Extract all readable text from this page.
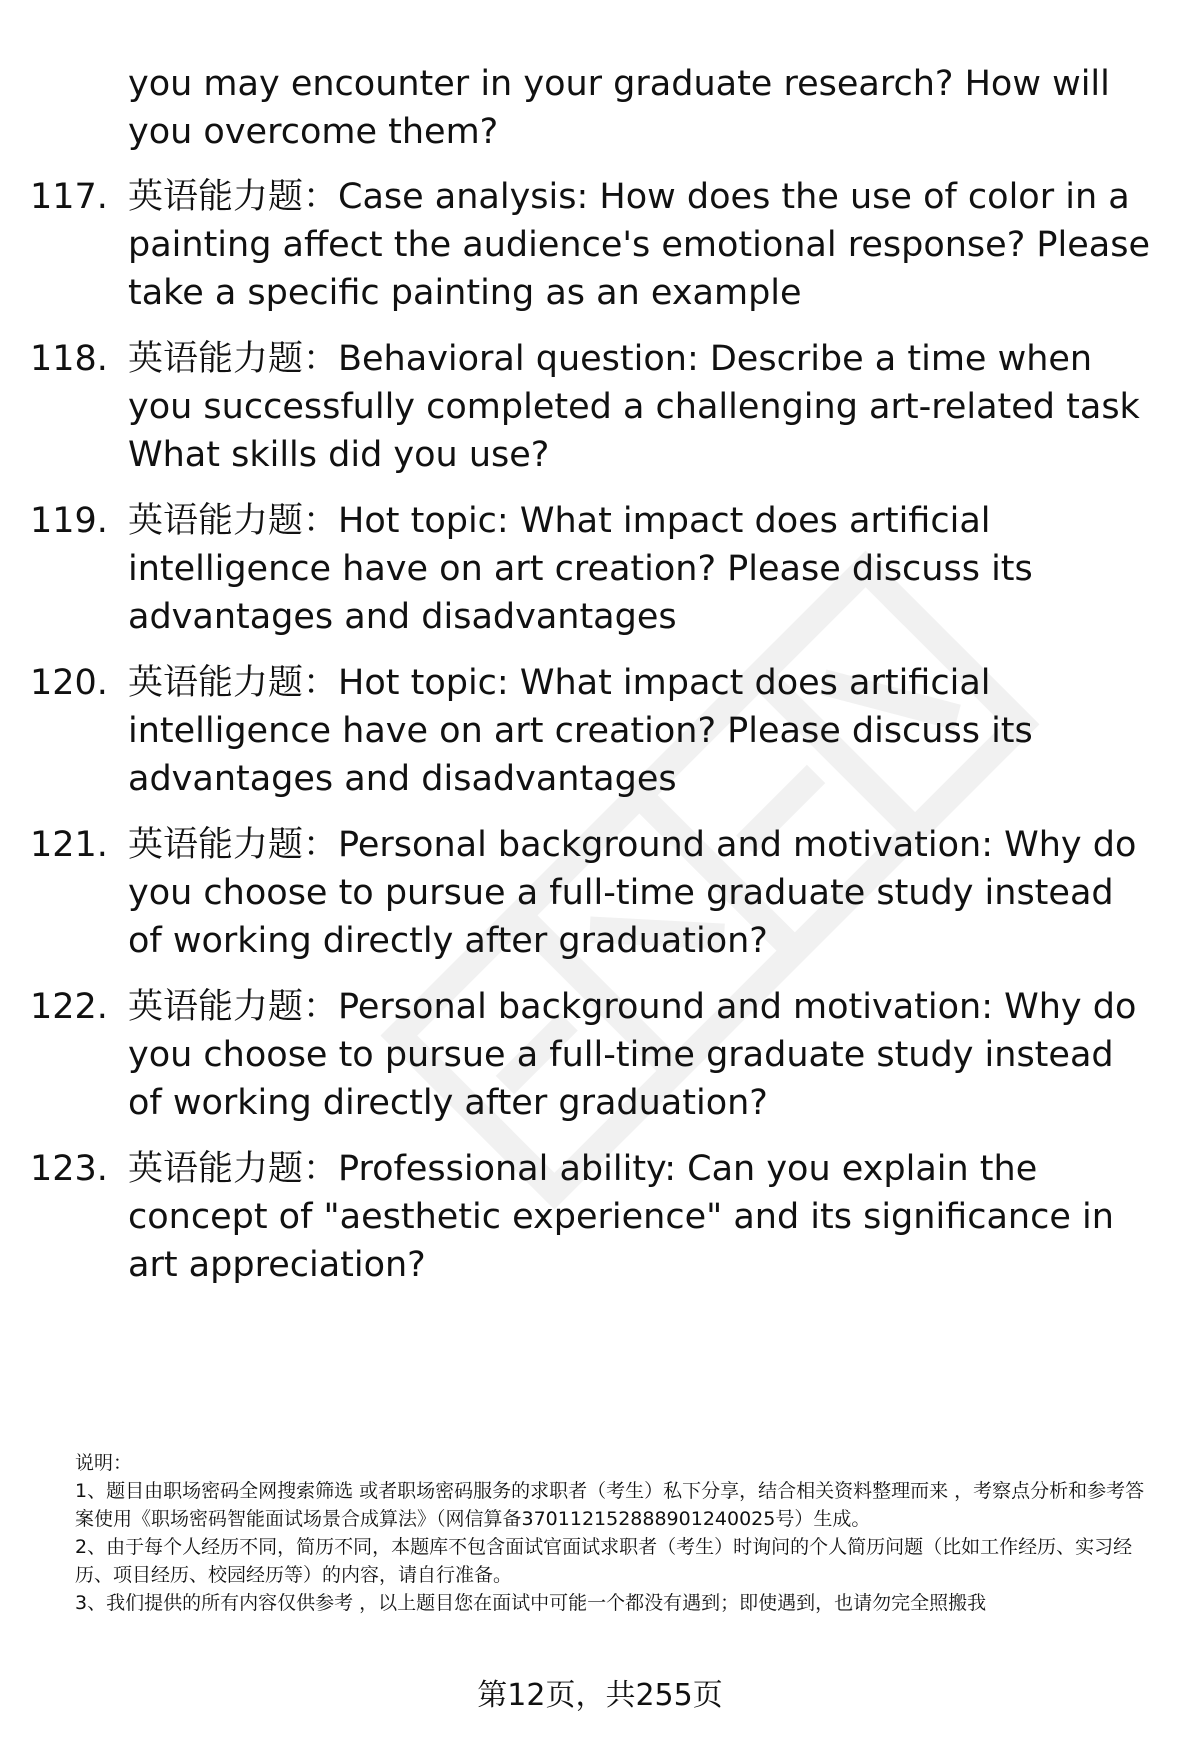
you may encounter in your graduate research? How will you overcome them?

117. 英语能力题：Case analysis: How does the use of color in a painting affect the audience's emotional response? Please take a specific painting as an example
118. 英语能力题：Behavioral question: Describe a time when you successfully completed a challenging art-related task What skills did you use?
119. 英语能力题：Hot topic: What impact does artificial intelligence have on art creation? Please discuss its advantages and disadvantages
120. 英语能力题：Hot topic: What impact does artificial intelligence have on art creation? Please discuss its advantages and disadvantages
121. 英语能力题：Personal background and motivation: Why do you choose to pursue a full-time graduate study instead of working directly after graduation?
122. 英语能力题：Personal background and motivation: Why do you choose to pursue a full-time graduate study instead of working directly after graduation?
123. 英语能力题：Professional ability: Can you explain the concept of "aesthetic experience" and its significance in art appreciation?

说明：

1、题目由职场密码全网搜索筛选 或者职场密码服务的求职者（考生）私下分享，结合相关资料整理而来 ，考察点分析和参考答案使用《职场密码智能面试场景合成算法》（网信算备370112152888901240025号）生成。

2、由于每个人经历不同，简历不同，本题库不包含面试官面试求职者（考生）时询问的个人简历问题（比如工作经历、实习经历、项目经历、校园经历等）的内容，请自行准备。

3、我们提供的所有内容仅供参考 ，以上题目您在面试中可能一个都没有遇到；即使遇到，也请勿完全照搬我

第12页，共255页
